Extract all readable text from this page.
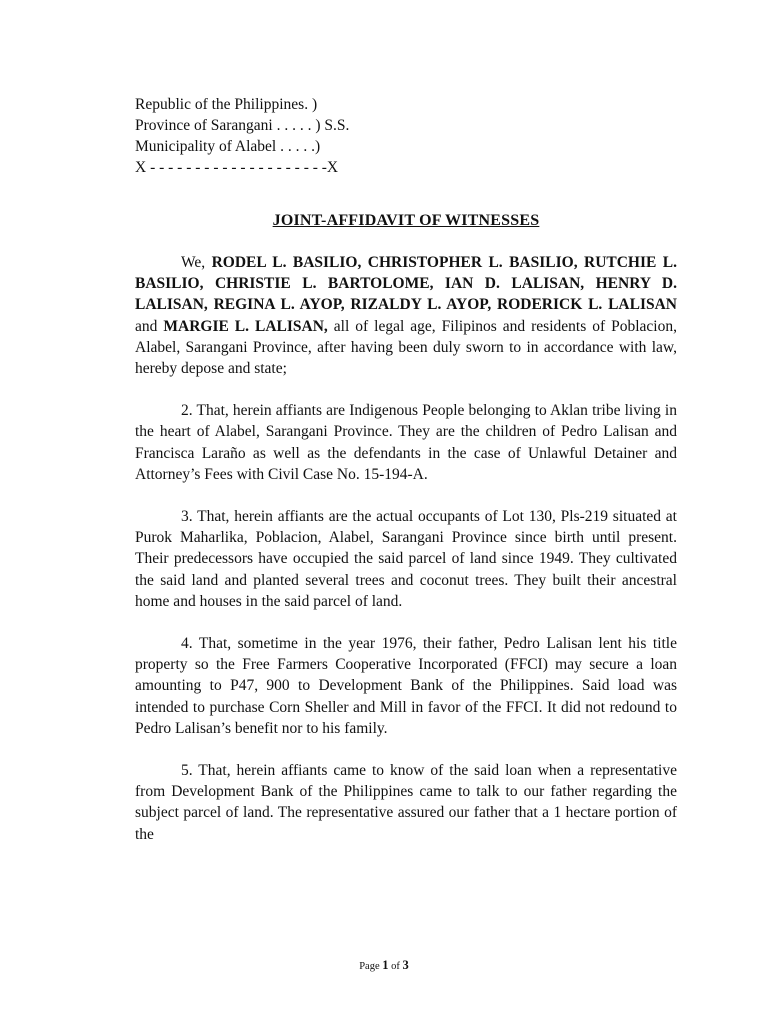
Republic of the Philippines. )
Province of Sarangani . . . . . ) S.S.
Municipality of Alabel . . . . .)
X - - - - - - - - - - - - - - - - - - - -X
JOINT-AFFIDAVIT OF WITNESSES

We, RODEL L. BASILIO, CHRISTOPHER L. BASILIO, RUTCHIE L. BASILIO, CHRISTIE L. BARTOLOME, IAN D. LALISAN, HENRY D. LALISAN, REGINA L. AYOP, RIZALDY L. AYOP, RODERICK L. LALISAN and MARGIE L. LALISAN, all of legal age, Filipinos and residents of Poblacion, Alabel, Sarangani Province, after having been duly sworn to in accordance with law, hereby depose and state;

2. That, herein affiants are Indigenous People belonging to Aklan tribe living in the heart of Alabel, Sarangani Province. They are the children of Pedro Lalisan and Francisca Laraño as well as the defendants in the case of Unlawful Detainer and Attorney’s Fees with Civil Case No. 15-194-A.

3. That, herein affiants are the actual occupants of Lot 130, Pls-219 situated at Purok Maharlika, Poblacion, Alabel, Sarangani Province since birth until present. Their predecessors have occupied the said parcel of land since 1949. They cultivated the said land and planted several trees and coconut trees. They built their ancestral home and houses in the said parcel of land.

4. That, sometime in the year 1976, their father, Pedro Lalisan lent his title property so the Free Farmers Cooperative Incorporated (FFCI) may secure a loan amounting to P47, 900 to Development Bank of the Philippines. Said load was intended to purchase Corn Sheller and Mill in favor of the FFCI. It did not redound to Pedro Lalisan’s benefit nor to his family.

5. That, herein affiants came to know of the said loan when a representative from Development Bank of the Philippines came to talk to our father regarding the subject parcel of land. The representative assured our father that a 1 hectare portion of the

Page 1 of 3
